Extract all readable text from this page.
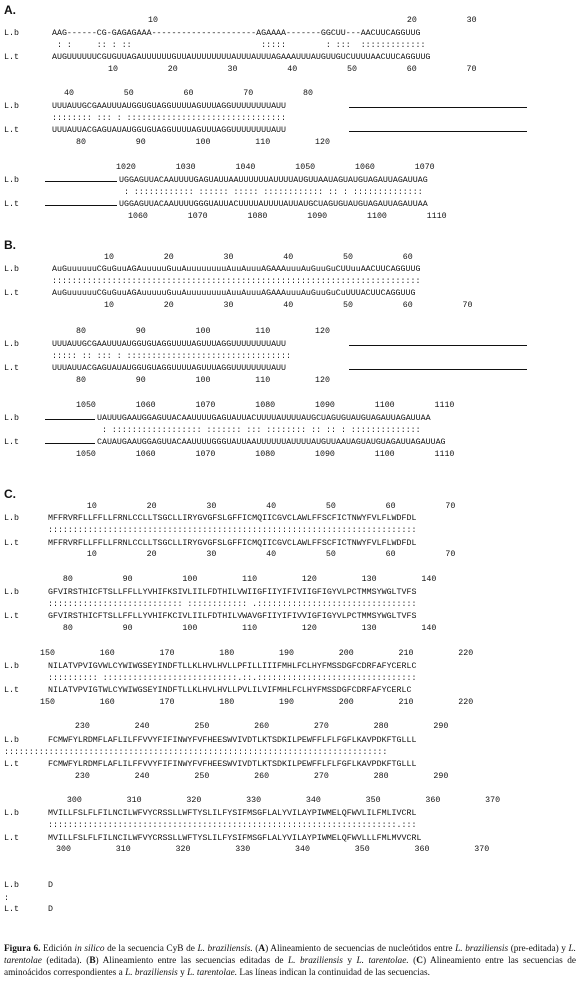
A.
10                                                  20          30
L.b	AAG------CG-GAGAGAAA---------------------AGAAAA-------GGCUU---AACUUCAGGUUG
: :     :: : ::                          :::::        : :::  :::::::::::::
L.t	AUGUUUUUUCGUGUUAGAUUUUUUGUUAUUUUUUUUAUUUAUUUAGAAAUUUAUGUUGUCUUUUAACUUCAGGUUG
10          20          30          40          50          60          70
40          50          60          70          80
L.b	UUUAUUGCGAAUUUAUGGUGUAGGUUUUAGUUUAGGUUUUUUUUAUU
:::::::: ::: : ::::::::::::::::::::::::::::::::
L.t	UUUAUUACGAGUAUAUGGUGUAGGUUUUAGUUUAGGUUUUUUUUAUU
80          90          100         110         120
1020        1030        1040        1050        1060        1070
L.b	UGGAGUUACAAUUUUGAGUAUUAAUUUUUUAUUUUAUGUUAAUAGUAUGUAGAUUAGAUUAG
: :::::::::::: :::::: ::::: :::::::::::: :: : ::::::::::::::
L.t	UGGAGUUACAAUUUUGGGUAUUACUUUUAUUUUAUUAUGCUAGUGUAUGUAGAUUAGAUUAA
1060        1070        1080        1090        1100        1110
B.
10          20          30          40          50          60
L.b	AuGuuuuuuCGuGuuAGAuuuuuGuuAuuuuuuuuAuuAuuuAGAAAuuuAuGuuGuCUUuuAACUUCAGGUUG
::::::::::::::::::::::::::::::::::::::::::::::::::::::::::::::::::::::::::
L.t	AuGuuuuuuCGuGuuAGAuuuuuGuuAuuuuuuuuAuuAuuuAGAAAuuuAuGuuGuCuUUUACUUCAGGUUG
10          20          30          40          50          60          70
80          90          100         110         120
L.b	UUUAUUGCGAAUUUAUGGUGUAGGUUUUAGUUUAGGUUUUUUUUAUU
::::: :: ::: : :::::::::::::::::::::::::::::::::
L.t	UUUAUUACGAGUAUAUGGUGUAGGUUUUAGUUUAGGUUUUUUUUAUU
80          90          100         110         120
1050        1060        1070        1080        1090        1100        1110
L.b	UAUUUGAAUGGAGUUACAAUUUUGAGUAUUACUUUUAUUUUAUGCUAGUGUAUGUAGAUUAGAUUAA
: :::::::::::::::::: ::::::: ::: :::::::: :: :: : ::::::::::::::
L.t	CAUAUGAAUGGAGUUACAAUUUUGGGUAUUAAUUUUUUAUUUUAUGUUAAUAGUAUGUAGAUUAGAUUAG
1050        1060        1070        1080        1090        1100        1110
C.
10          20          30          40          50          60          70
L.b	MFFRVRFLLFFLLFRNLCCLLTSGCLLIRYGVGFSLGFFICMQIICGVCLAWLFFSCFICTNWYFVLFLWDFDL
::::::::::::::::::::::::::::::::::::::::::::::::::::::::::::::::::::::::::
L.t	MFFRVRFLLFFLLFRNLCCLLTSGCLLIRYGVGFSLGFFICMQIICGVCLAWLFFSCFICTNWYFVLFLWDFDL
10          20          30          40          50          60          70
80          90          100         110         120         130         140
L.b	GFVIRSTHICFTSLLFFLLYVHIFKSIVLIILFDTHILVWIIGFIIYIFIVIIGFIGYVLPCTMMSYWGLTVFS
::::::::::::::::::::::::::: :::::::::::: .::::::::::::::::::::::::::::::::
L.t	GFVIRSTHICFTSLLFFLLYVHIFKCIVLIILFDTHILVWAVGFIIYIFIVVIGFIGYVLPCTMMSYWGLTVFS
80          90          100         110         120         130         140
150         160         170         180         190         200         210         220
L.b	NILATVPVIGVWLCYWIWGSEYINDFTLLKLHVLHVLLPFILLIIIFMHLFCLHYFMSSDGFCDRFAFYCERLC
:::::::::: :::::::::::::::::::::::::::.::.::::::::::::::::::::::::::::::::
L.t	NILATVPVIGTWLCYWIWGSEYINDFTLLKLHVLHVLLPVLILVIFMHLFCLHYFMSSDGFCDRFAFYCERLC
150         160         170         180         190         200         210         220
230         240         250         260         270         280         290
L.b	FCMWFYLRDMFLAFLILFFVVYFIFINWYFVFHEESWVIVDTLKTSDKILPEWFFLFLFGFLKAVPDKFTGLLL
:::::::::::::::::::::::::::::::::::::::::::::::::::::::::::::::::::::::::::::
L.t	FCMWFYLRDMFLAFLILFFVVYFIFINWYFVFHEESWVIVDTLKTSDKILPEWFFLFLFGFLKAVPDKFTGLLL
230         240         250         260         270         280         290
300         310         320         330         340         350         360         370
L.b	MVILLFSLFLFILNCILWFVYCRSSLLWFTYSLILFYSIFMSGFLALYVILAYPIWMELQFWVLILFMLIVCRL
::::::::::::::::::::::::::::::::::::::::::::::::::::::::::::::::::::::.:::
L.t	MVILLFSLFLFILNCILWFVYCRSSLLWFTYSLILFYSIFMSGFLALYVILAYPIWMELQFWVLLLFMLMVVCRL
300         310         320         330         340         350         360         370
L.b	D
:
L.t	D
Figura 6. Edición in silico de la secuencia CyB de L. braziliensis. (A) Alineamiento de secuencias de nucleótidos entre L. braziliensis (pre-editada) y L. tarentolae (editada). (B) Alineamiento entre las secuencias editadas de L. braziliensis y L. tarentolae. (C) Alineamiento entre las secuencias de aminoácidos correspondientes a L. braziliensis y L. tarentolae. Las líneas indican la continuidad de las secuencias.
